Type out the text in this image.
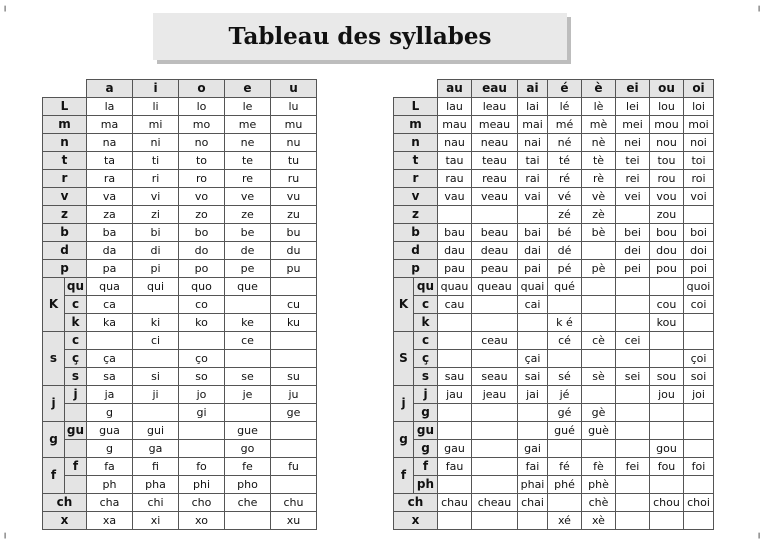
╷	╷
╵	╵
Tableau des syllabes
		a	i	o	e	u
L		la	li	lo	le	lu
m		ma	mi	mo	me	mu
n		na	ni	no	ne	nu
t		ta	ti	to	te	tu
r		ra	ri	ro	re	ru
v		va	vi	vo	ve	vu
z		za	zi	zo	ze	zu
b		ba	bi	bo	be	bu
d		da	di	do	de	du
p		pa	pi	po	pe	pu
K	qu	qua	qui	quo	que	
	c	ca		co		cu
	k	ka	ki	ko	ke	ku
s	c		ci		ce	
	ç	ça		ço		
	s	sa	si	so	se	su
j	j	ja	ji	jo	je	ju
		g		gi		ge
g	gu	gua	gui		gue	
		g	ga		go	
f	f	fa	fi	fo	fe	fu
		ph	pha	phi	pho	
ch		cha	chi	cho	che	chu
x		xa	xi	xo		xu
		au	eau	ai	é	è	ei	ou	oi
L		lau	leau	lai	lé	lè	lei	lou	loi
m		mau	meau	mai	mé	mè	mei	mou	moi
n		nau	neau	nai	né	nè	nei	nou	noi
t		tau	teau	tai	té	tè	tei	tou	toi
r		rau	reau	rai	ré	rè	rei	rou	roi
v		vau	veau	vai	vé	vè	vei	vou	voi
z					zé	zè		zou	
b		bau	beau	bai	bé	bè	bei	bou	boi
d		dau	deau	dai	dé		dei	dou	doi
p		pau	peau	pai	pé	pè	pei	pou	poi
K	qu	quau	queau	quai	qué				quoi
	c	cau		cai				cou	coi
	k				k é			kou	
S	c		ceau		cé	cè	cei		
	ç			çai					çoi
	s	sau	seau	sai	sé	sè	sei	sou	soi
j	j	jau	jeau	jai	jé			jou	joi
	g				gé	gè			
g	gu				gué	guè			
	g	gau		gai				gou	
f	f	fau		fai	fé	fè	fei	fou	foi
	ph			phai	phé	phè			
ch		chau	cheau	chai		chè		chou	choi
x					xé	xè			
